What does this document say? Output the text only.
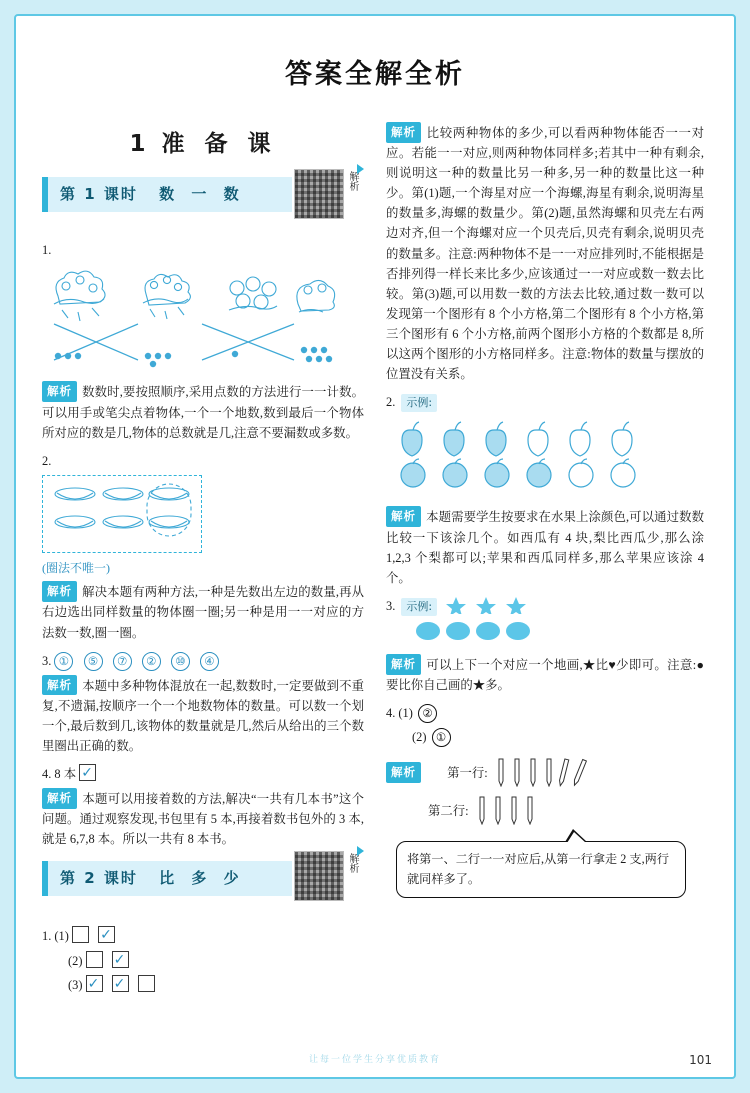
答案全解全析
1 准 备 课
第 1 课时 数 一 数
解析
1.
解析 数数时,要按照顺序,采用点数的方法进行一一计数。可以用手或笔尖点着物体,一个一个地数,数到最后一个物体所对应的数是几,物体的总数就是几,注意不要漏数或多数。
2.
(圈法不唯一)
解析 解决本题有两种方法,一种是先数出左边的数量,再从右边选出同样数量的物体圈一圈;另一种是用一一对应的方法数一数,圈一圈。
3. ① ⑤ ⑦ ② ⑩ ④
解析 本题中多种物体混放在一起,数数时,一定要做到不重复,不遗漏,按顺序一个一个地数物体的数量。可以数一个划一个,最后数到几,该物体的数量就是几,然后从给出的三个数里圈出正确的数。
4. 8 本 ✓
解析 本题可以用接着数的方法,解决“一共有几本书”这个问题。通过观察发现,书包里有 5 本,再接着数书包外的 3 本,就是 6,7,8 本。所以一共有 8 本书。
第 2 课时 比 多 少
解析
1. (1)  ✓
(2)  ✓
(3) ✓ ✓
解析 比较两种物体的多少,可以看两种物体能否一一对应。若能一一对应,则两种物体同样多;若其中一种有剩余,则说明这一种的数量比另一种多,另一种的数量比这一种少。第(1)题,一个海星对应一个海螺,海星有剩余,说明海星的数量多,海螺的数量少。第(2)题,虽然海螺和贝壳左右两边对齐,但一个海螺对应一个贝壳后,贝壳有剩余,说明贝壳的数量多。注意:两种物体不是一一对应排列时,不能根据是否排列得一样长来比多少,应该通过一一对应或数一数去比较。第(3)题,可以用数一数的方法去比较,通过数一数可以发现第一个图形有 8 个小方格,第二个图形有 8 个小方格,第三个图形有 6 个小方格,前两个图形小方格的个数都是 8,所以这两个图形的小方格同样多。注意:物体的数量与摆放的位置没有关系。
2. 示例:
解析 本题需要学生按要求在水果上涂颜色,可以通过数数比较一下该涂几个。如西瓜有 4 块,梨比西瓜少,那么涂 1,2,3 个梨都可以;苹果和西瓜同样多,那么苹果应该涂 4 个。
3. 示例:
解析 可以上下一个对应一个地画,★比♥少即可。注意:●要比你自己画的★多。
4. (1) ②
(2) ①
解析	第一行:
第二行:
将第一、二行一一对应后,从第一行拿走 2 支,两行就同样多了。
让每一位学生分享优质教育	101
